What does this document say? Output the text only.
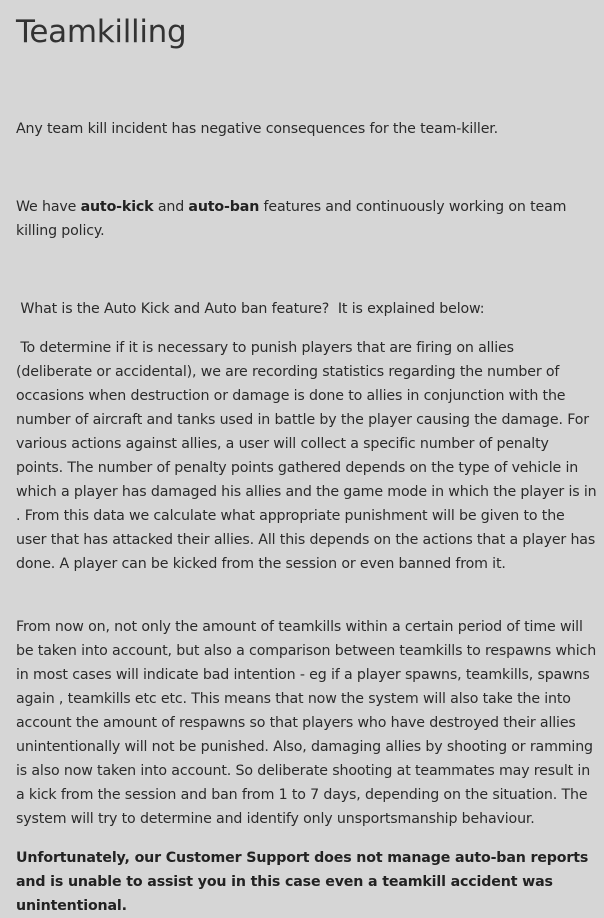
Teamkilling

Any team kill incident has negative consequences for the team-killer.

We have auto-kick and auto-ban features and continuously working on team killing policy.

What is the Auto Kick and Auto ban feature?  It is explained below:

To determine if it is necessary to punish players that are firing on allies  (deliberate or accidental), we are recording statistics regarding the number of occasions when destruction or damage is done to allies in conjunction with the number of aircraft and tanks used in battle by the player causing the damage. For various actions against allies, a user will collect a specific number of penalty points. The number of penalty points gathered depends on the type of vehicle in which a player has damaged his allies and the game mode in which the player is in . From this data we calculate what appropriate punishment will be given to the user that has attacked their allies. All this depends on the actions that a player has done. A player can be kicked from the session or even banned from it.

From now on, not only the amount of teamkills within a certain period of time will be taken into account, but also a comparison between teamkills to respawns which in most cases will indicate bad intention - eg if a player spawns, teamkills, spawns again , teamkills etc etc. This means that now the system will also take the into account the amount of respawns so that players who have destroyed their allies unintentionally will not be punished. Also, damaging allies by shooting or ramming is also now taken into account. So deliberate shooting at teammates may result in a kick from the session and ban from 1 to 7 days, depending on the situation. The system will try to determine and identify only unsportsmanship behaviour.

Unfortunately, our Customer Support does not manage auto-ban reports and is unable to assist you in this case even a teamkill accident was unintentional.
